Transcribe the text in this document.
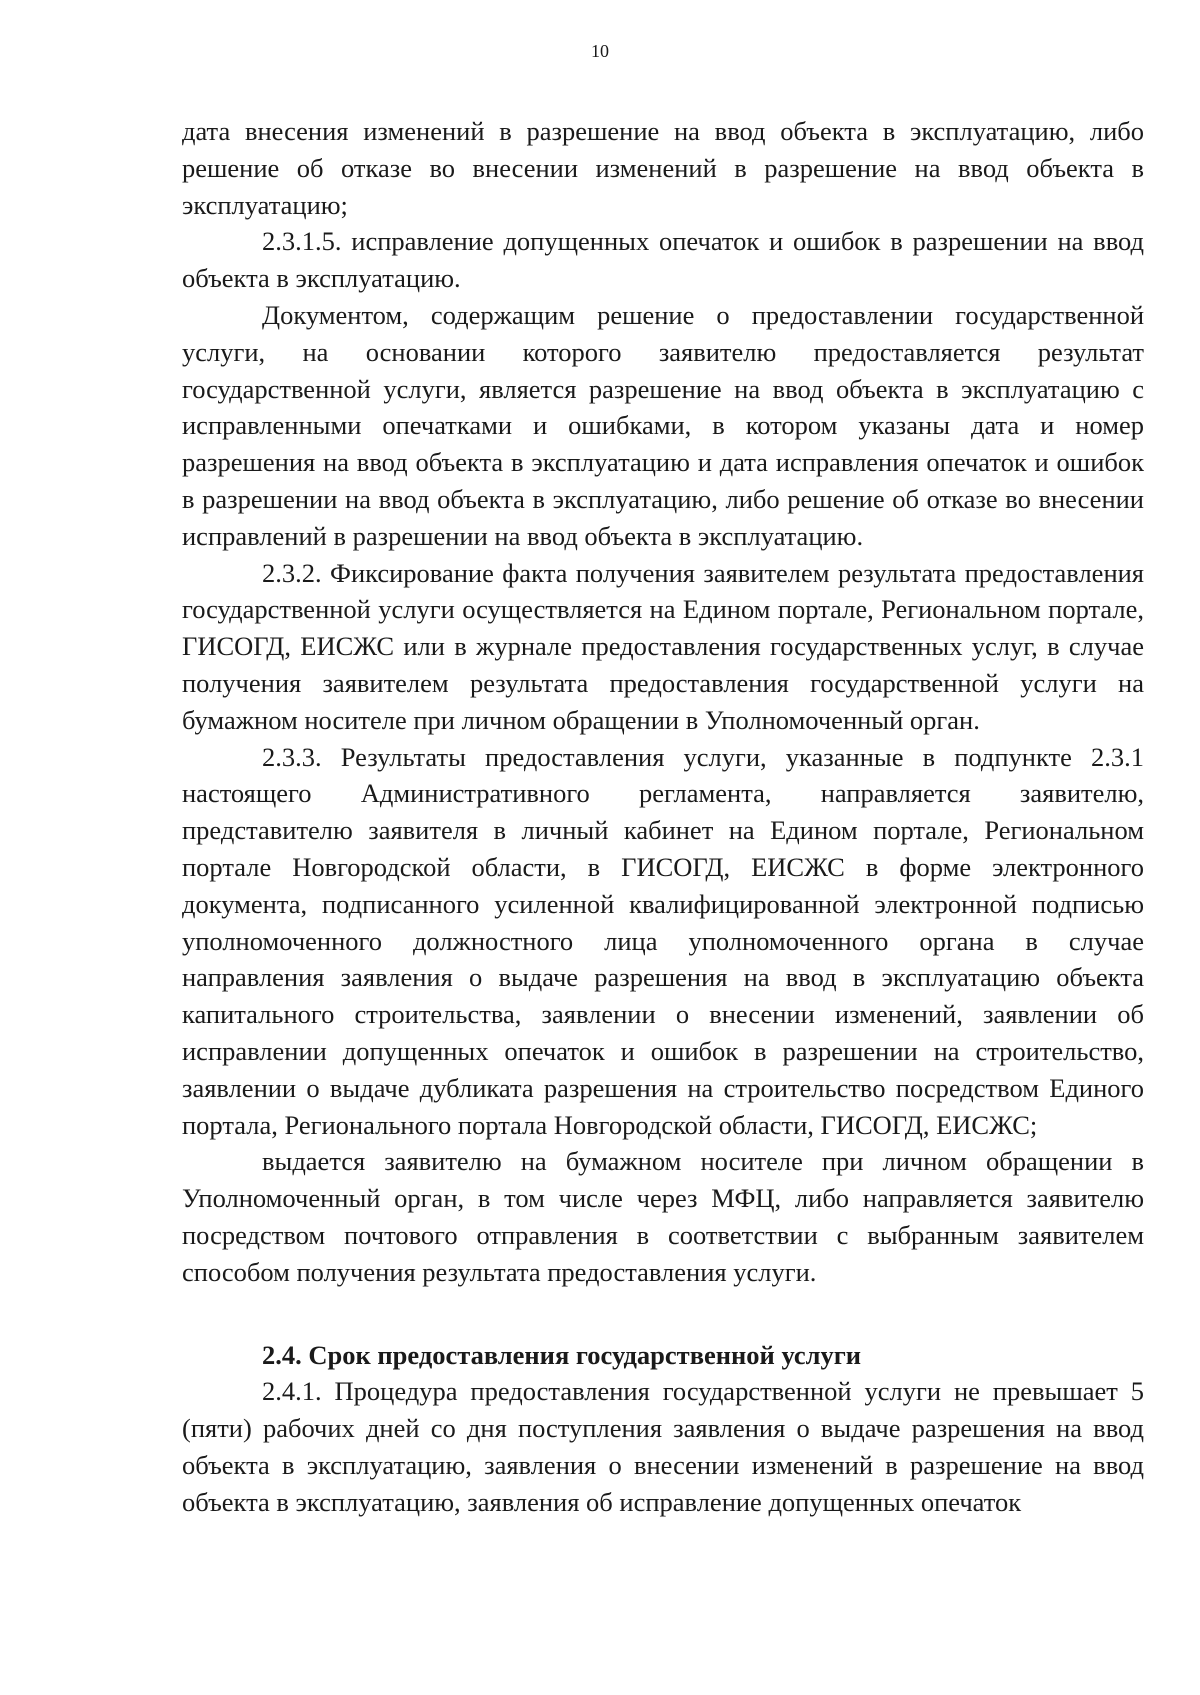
10

дата внесения изменений в разрешение на ввод объекта в эксплуатацию, либо решение об отказе во внесении изменений в разрешение на ввод объекта в эксплуатацию;

2.3.1.5. исправление допущенных опечаток и ошибок в разрешении на ввод объекта в эксплуатацию.

Документом, содержащим решение о предоставлении государственной услуги, на основании которого заявителю предоставляется результат государственной услуги, является разрешение на ввод объекта в эксплуатацию с исправленными опечатками и ошибками, в котором указаны дата и номер разрешения на ввод объекта в эксплуатацию и дата исправления опечаток и ошибок в разрешении на ввод объекта в эксплуатацию, либо решение об отказе во внесении исправлений в разрешении на ввод объекта в эксплуатацию.

2.3.2. Фиксирование факта получения заявителем результата предоставления государственной услуги осуществляется на Едином портале, Региональном портале, ГИСОГД, ЕИСЖС или в журнале предоставления государственных услуг, в случае получения заявителем результата предоставления государственной услуги на бумажном носителе при личном обращении в Уполномоченный орган.

2.3.3. Результаты предоставления услуги, указанные в подпункте 2.3.1 настоящего Административного регламента, направляется заявителю, представителю заявителя в личный кабинет на Едином портале, Региональном портале Новгородской области, в ГИСОГД, ЕИСЖС в форме электронного документа, подписанного усиленной квалифицированной электронной подписью уполномоченного должностного лица уполномоченного органа в случае направления заявления о выдаче разрешения на ввод в эксплуатацию объекта капитального строительства, заявлении о внесении изменений, заявлении об исправлении допущенных опечаток и ошибок в разрешении на строительство, заявлении о выдаче дубликата разрешения на строительство посредством Единого портала, Регионального портала Новгородской области, ГИСОГД, ЕИСЖС;

выдается заявителю на бумажном носителе при личном обращении в Уполномоченный орган, в том числе через МФЦ, либо направляется заявителю посредством почтового отправления в соответствии с выбранным заявителем способом получения результата предоставления услуги.

2.4. Срок предоставления государственной услуги

2.4.1. Процедура предоставления государственной услуги не превышает 5 (пяти) рабочих дней со дня поступления заявления о выдаче разрешения на ввод объекта в эксплуатацию, заявления о внесении изменений в разрешение на ввод объекта в эксплуатацию, заявления об исправление допущенных опечаток
